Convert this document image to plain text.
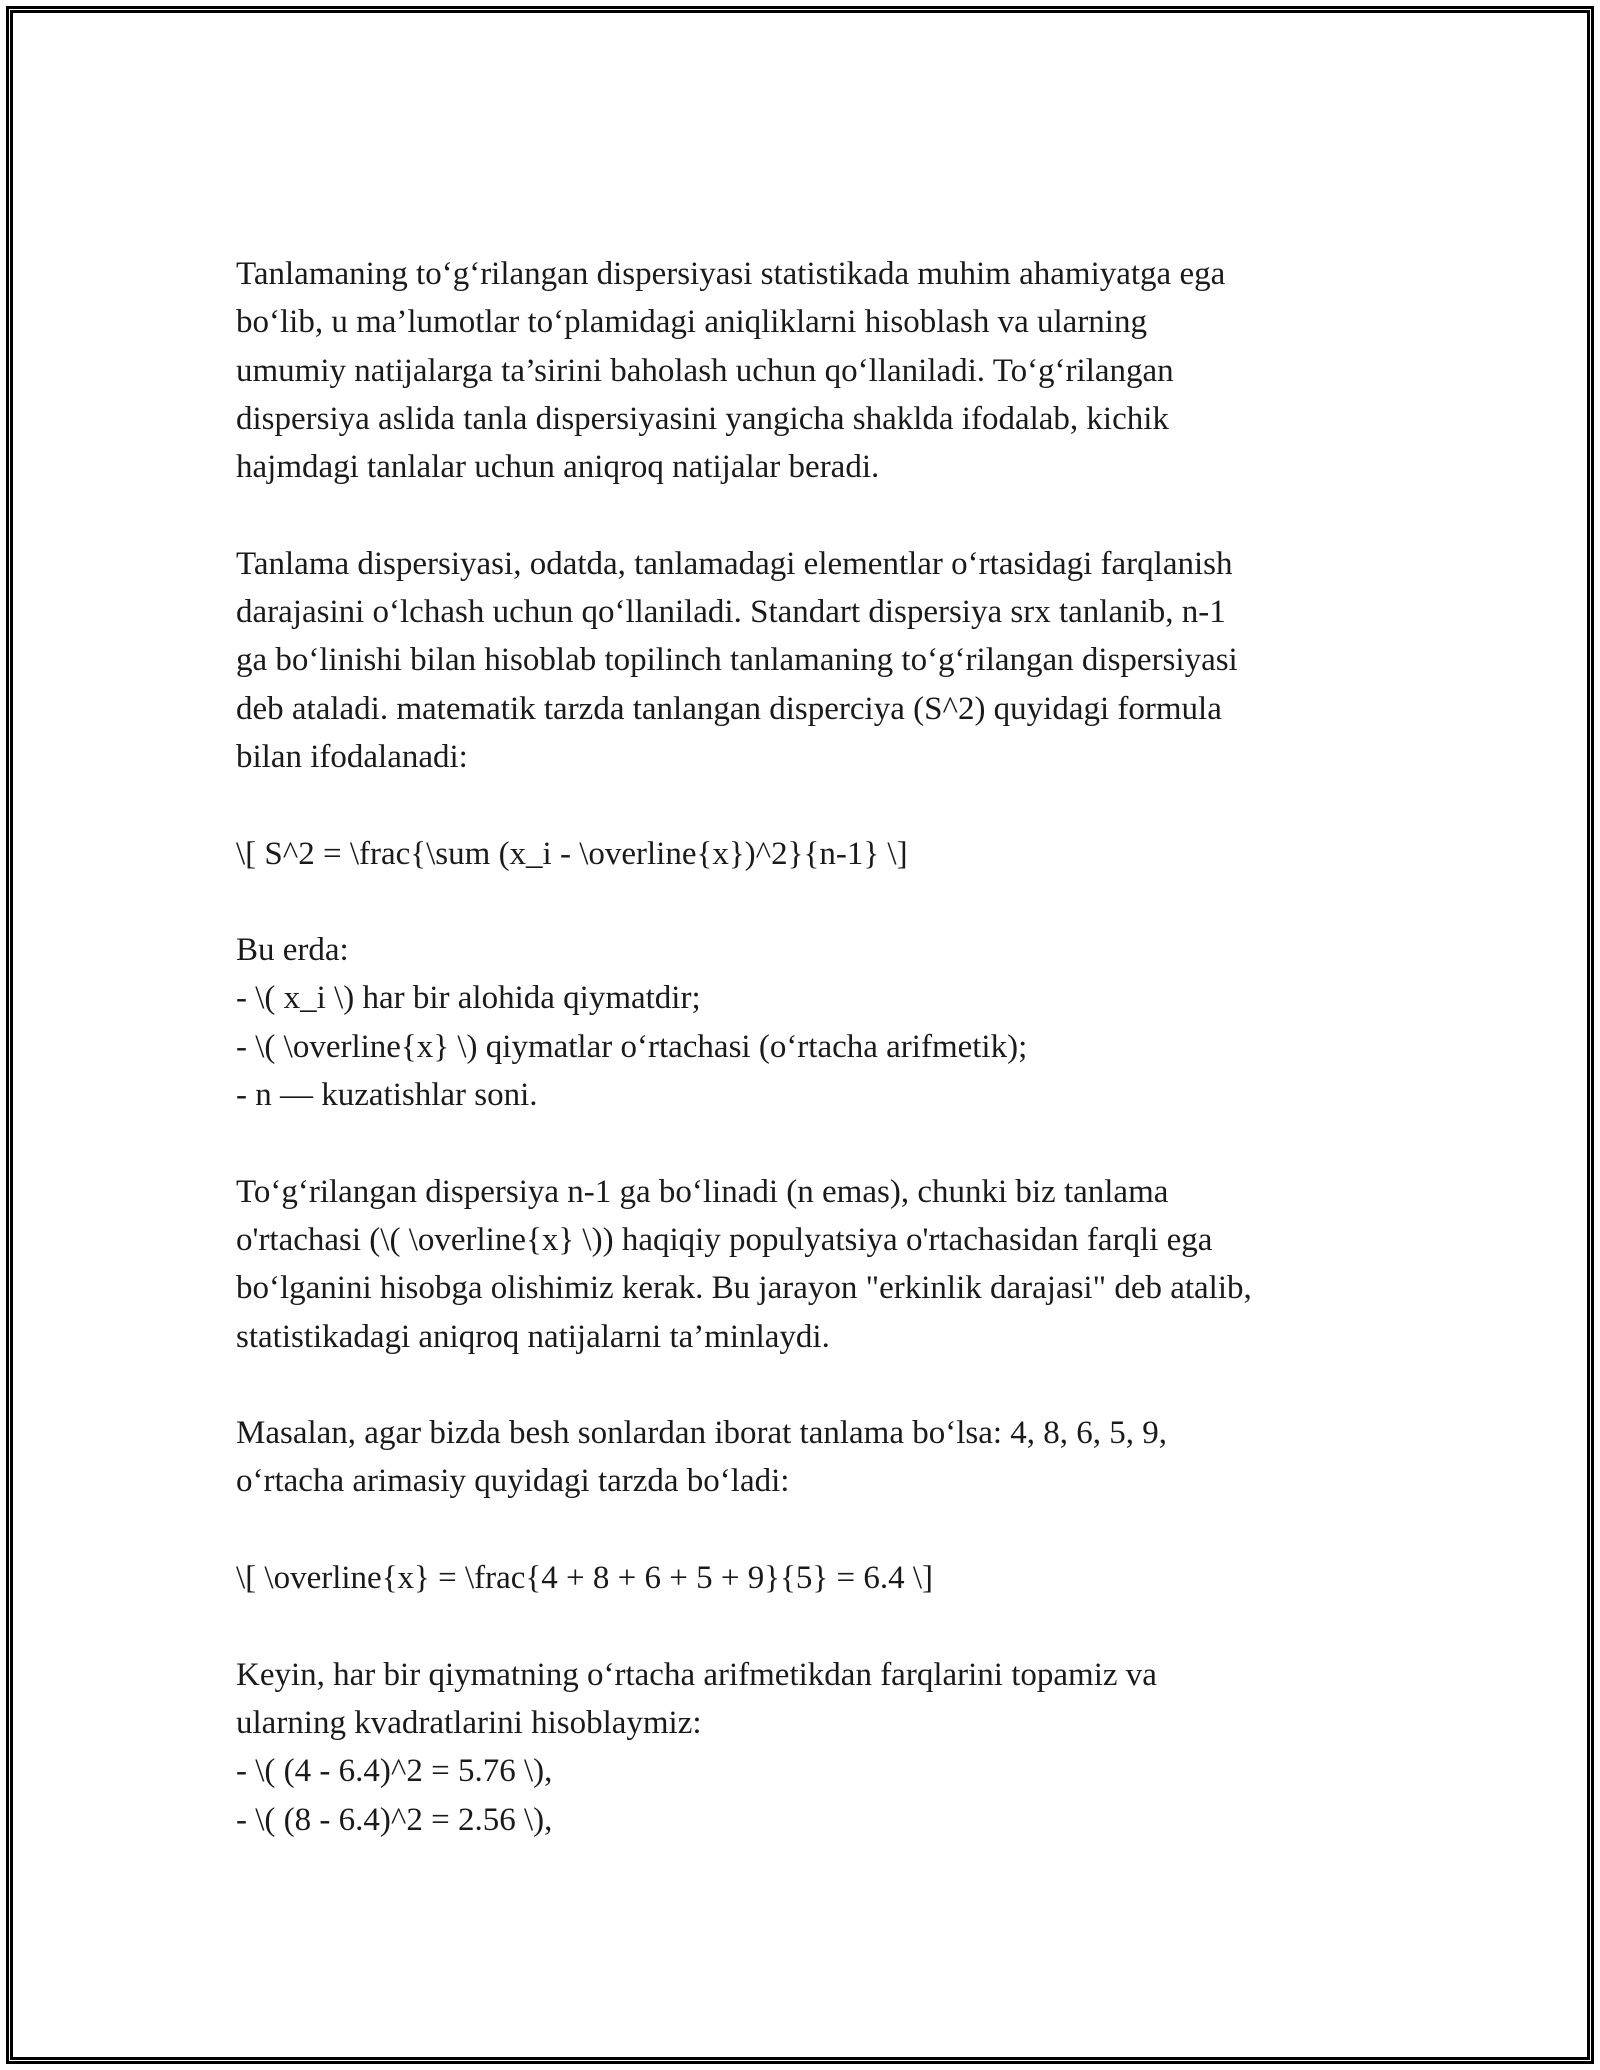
Tanlamaning to‘g‘rilangan dispersiyasi statistikada muhim ahamiyatga ega
bo‘lib, u ma’lumotlar to‘plamidagi aniqliklarni hisoblash va ularning
umumiy natijalarga ta’sirini baholash uchun qo‘llaniladi. To‘g‘rilangan
dispersiya aslida tanla dispersiyasini yangicha shaklda ifodalab, kichik
hajmdagi tanlalar uchun aniqroq natijalar beradi.

Tanlama dispersiyasi, odatda, tanlamadagi elementlar o‘rtasidagi farqlanish
darajasini o‘lchash uchun qo‘llaniladi. Standart dispersiya srx tanlanib, n-1
ga bo‘linishi bilan hisoblab topilinch tanlamaning to‘g‘rilangan dispersiyasi
deb ataladi. matematik tarzda tanlangan disperciya (S^2) quyidagi formula
bilan ifodalanadi:

\[ S^2 = \frac{\sum (x_i - \overline{x})^2}{n-1} \]

Bu erda:
- \( x_i \) har bir alohida qiymatdir;
- \( \overline{x} \) qiymatlar o‘rtachasi (o‘rtacha arifmetik);
- n — kuzatishlar soni.

To‘g‘rilangan dispersiya n-1 ga bo‘linadi (n emas), chunki biz tanlama
o'rtachasi (\( \overline{x} \)) haqiqiy populyatsiya o'rtachasidan farqli ega
bo‘lganini hisobga olishimiz kerak. Bu jarayon "erkinlik darajasi" deb atalib,
statistikadagi aniqroq natijalarni ta’minlaydi.

Masalan, agar bizda besh sonlardan iborat tanlama bo‘lsa: 4, 8, 6, 5, 9,
o‘rtacha arimasiy quyidagi tarzda bo‘ladi:

\[ \overline{x} = \frac{4 + 8 + 6 + 5 + 9}{5} = 6.4 \]

Keyin, har bir qiymatning o‘rtacha arifmetikdan farqlarini topamiz va
ularning kvadratlarini hisoblaymiz:
- \( (4 - 6.4)^2 = 5.76 \),
- \( (8 - 6.4)^2 = 2.56 \),
